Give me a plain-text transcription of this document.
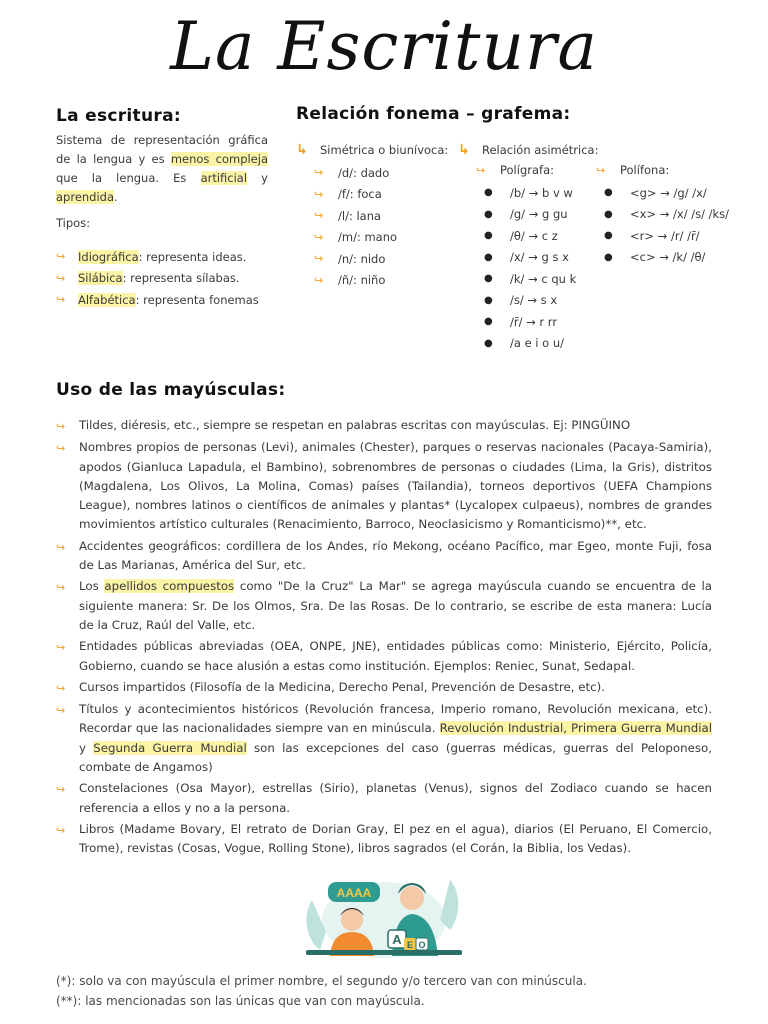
La Escritura
La escritura:
Sistema de representación gráfica de la lengua y es menos compleja que la lengua. Es artificial y aprendida.
Tipos:
↪	Idiográfica : representa ideas.
↪	Silábica : representa sílabas.
↪	Alfabética : representa fonemas
Relación fonema – grafema:
↳	Simétrica o biunívoca:
↪	/d/: dado
↪	/f/: foca
↪	/l/: lana
↪	/m/: mano
↪	/n/: nido
↪	/ñ/: niño
↳	Relación asimétrica:
↪	Polígrafa:	↪	Polífona:
●	/b/ → b v w
●	/g/ → g gu
●	/θ/ → c z
●	/x/ → g s x
●	/k/ → c qu k
●	/s/ → s x
●	/r̄/ → r rr
●	/a e i o u/
●	<g> → /g/ /x/
●	<x> → /x/ /s/ /ks/
●	<r> → /r/ /r̄/
●	<c> → /k/ /θ/
Uso de las mayúsculas:
↪	Tildes, diéresis, etc., siempre se respetan en palabras escritas con mayúsculas. Ej: PINGÜINO
↪	Nombres propios de personas (Levi), animales (Chester), parques o reservas nacionales (Pacaya-Samiria), apodos (Gianluca Lapadula, el Bambino), sobrenombres de personas o ciudades (Lima, la Gris), distritos (Magdalena, Los Olivos, La Molina, Comas) países (Tailandia), torneos deportivos (UEFA Champions League), nombres latinos o científicos de animales y plantas* (Lycalopex culpaeus), nombres de grandes movimientos artístico culturales (Renacimiento, Barroco, Neoclasicismo y Romanticismo)**, etc.
↪	Accidentes geográficos: cordillera de los Andes, río Mekong, océano Pacífico, mar Egeo, monte Fuji, fosa de Las Marianas, América del Sur, etc.
↪	Los apellidos compuestos como "De la Cruz" La Mar" se agrega mayúscula cuando se encuentra de la siguiente manera: Sr. De los Olmos, Sra. De las Rosas. De lo contrario, se escribe de esta manera: Lucía de la Cruz, Raúl del Valle, etc.
↪	Entidades públicas abreviadas (OEA, ONPE, JNE), entidades públicas como: Ministerio, Ejército, Policía, Gobierno, cuando se hace alusión a estas como institución. Ejemplos: Reniec, Sunat, Sedapal.
↪	Cursos impartidos (Filosofía de la Medicina, Derecho Penal, Prevención de Desastre, etc).
↪	Títulos y acontecimientos históricos (Revolución francesa, Imperio romano, Revolución mexicana, etc). Recordar que las nacionalidades siempre van en minúscula. Revolución Industrial, Primera Guerra Mundial y Segunda Guerra Mundial son las excepciones del caso (guerras médicas, guerras del Peloponeso, combate de Angamos)
↪	Constelaciones (Osa Mayor), estrellas (Sirio), planetas (Venus), signos del Zodiaco cuando se hacen referencia a ellos y no a la persona.
↪	Libros (Madame Bovary, El retrato de Dorian Gray, El pez en el agua), diarios (El Peruano, El Comercio, Trome), revistas (Cosas, Vogue, Rolling Stone), libros sagrados (el Corán, la Biblia, los Vedas).
AAAA
A E O
(*): solo va con mayúscula el primer nombre, el segundo y/o tercero van con minúscula.
(**): las mencionadas son las únicas que van con mayúscula.
